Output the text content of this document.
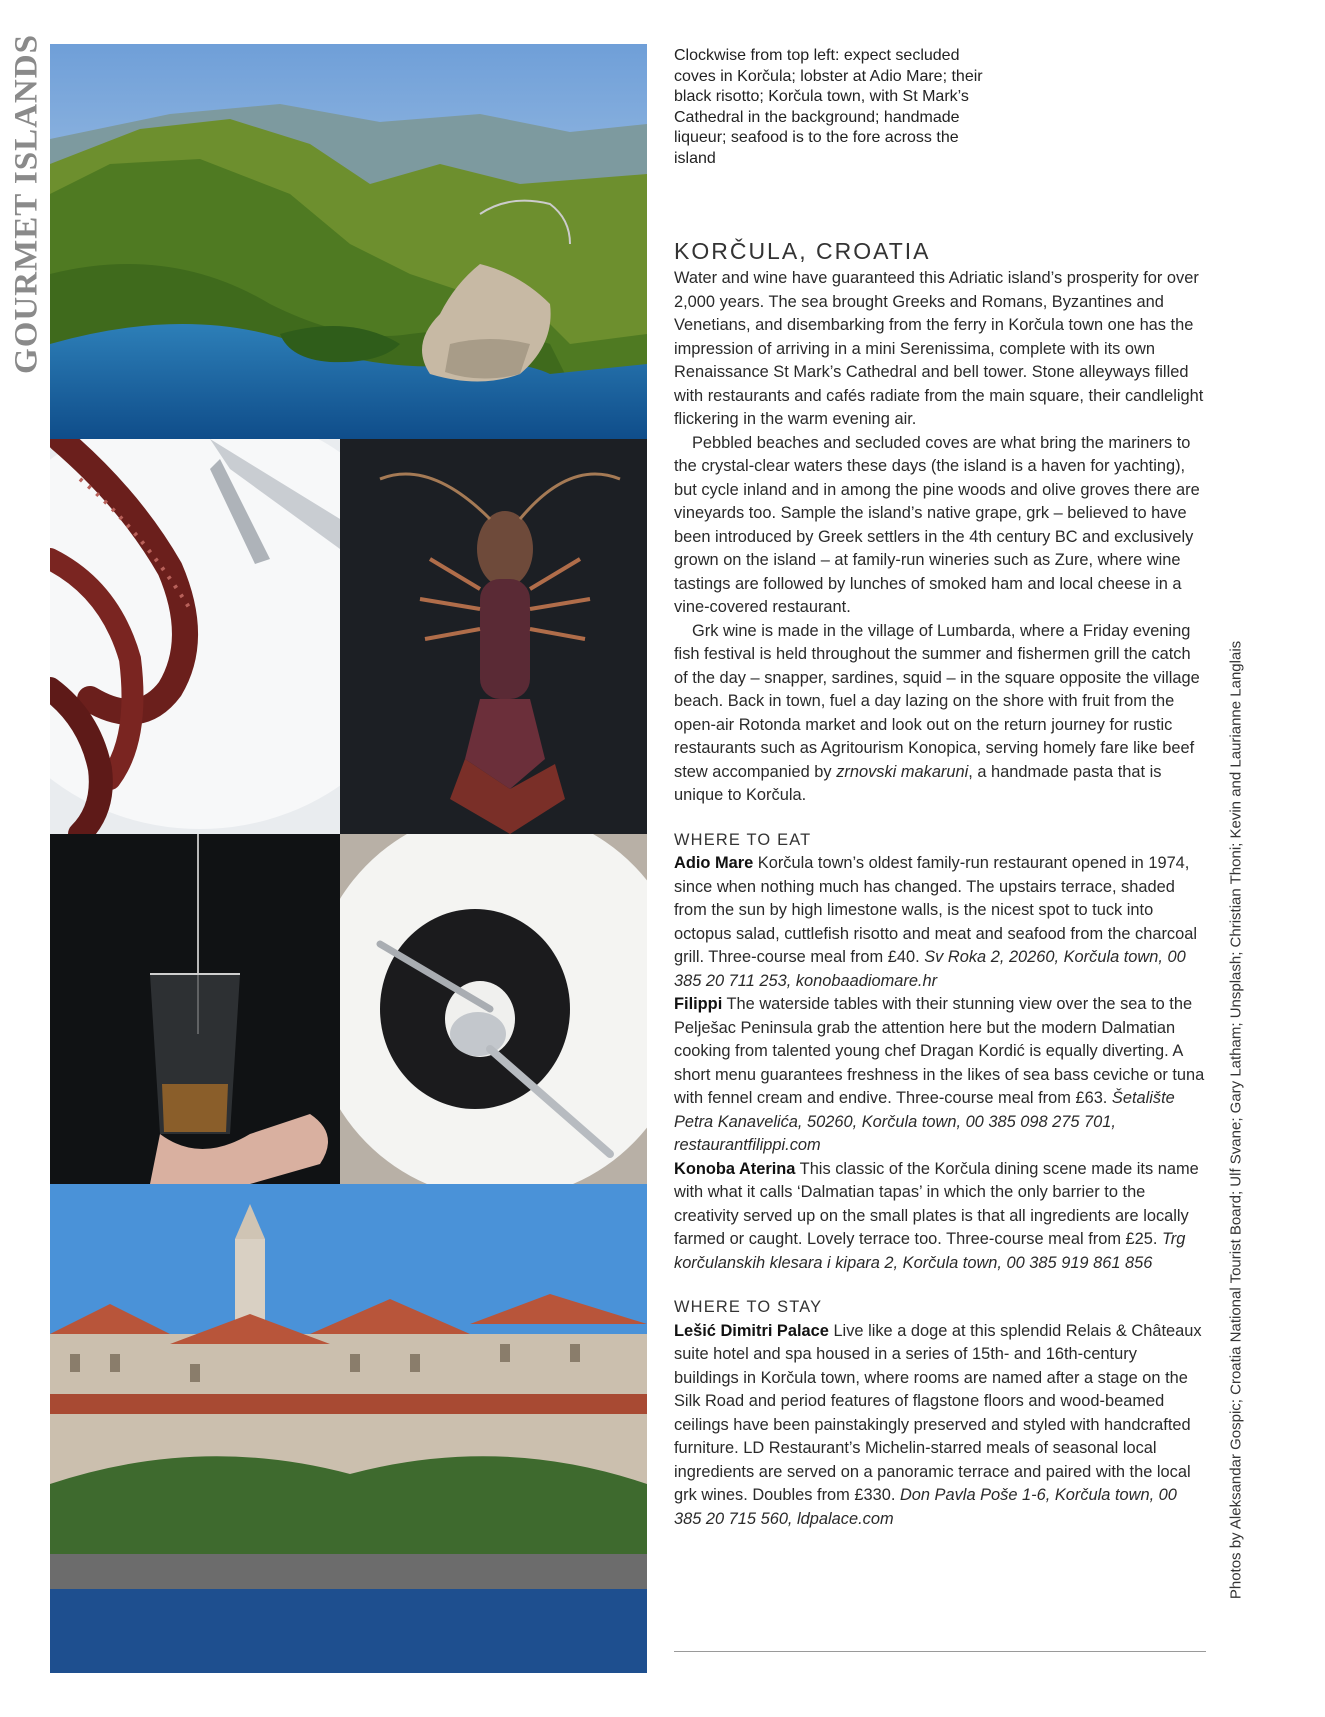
GOURMET ISLANDS	Clockwise from top left: expect secluded coves in Korčula; lobster at Adio Mare; their black risotto; Korčula town, with St Mark’s Cathedral in the background; handmade liqueur; seafood is to the fore across the island
KORČULA, CROATIA

Water and wine have guaranteed this Adriatic island’s prosperity for over 2,000 years. The sea brought Greeks and Romans, Byzantines and Venetians, and disembarking from the ferry in Korčula town one has the impression of arriving in a mini Serenissima, complete with its own Renaissance St Mark’s Cathedral and bell tower. Stone alleyways filled with restaurants and cafés radiate from the main square, their candlelight flickering in the warm evening air.

Pebbled beaches and secluded coves are what bring the mariners to the crystal-clear waters these days (the island is a haven for yachting), but cycle inland and in among the pine woods and olive groves there are vineyards too. Sample the island’s native grape, grk – believed to have been introduced by Greek settlers in the 4th century BC and exclusively grown on the island – at family-run wineries such as Zure, where wine tastings are followed by lunches of smoked ham and local cheese in a vine-covered restaurant.

Grk wine is made in the village of Lumbarda, where a Friday evening fish festival is held throughout the summer and fishermen grill the catch of the day – snapper, sardines, squid – in the square opposite the village beach. Back in town, fuel a day lazing on the shore with fruit from the open-air Rotonda market and look out on the return journey for rustic restaurants such as Agritourism Konopica, serving homely fare like beef stew accompanied by zrnovski makaruni, a handmade pasta that is unique to Korčula.

WHERE TO EAT

Adio Mare Korčula town’s oldest family-run restaurant opened in 1974, since when nothing much has changed. The upstairs terrace, shaded from the sun by high limestone walls, is the nicest spot to tuck into octopus salad, cuttlefish risotto and meat and seafood from the charcoal grill. Three-course meal from £40. Sv Roka 2, 20260, Korčula town, 00 385 20 711 253, konobaadiomare.hr

Filippi The waterside tables with their stunning view over the sea to the Pelješac Peninsula grab the attention here but the modern Dalmatian cooking from talented young chef Dragan Kordić is equally diverting. A short menu guarantees freshness in the likes of sea bass ceviche or tuna with fennel cream and endive. Three-course meal from £63. Šetalište Petra Kanavelića, 50260, Korčula town, 00 385 098 275 701, restaurantfilippi.com

Konoba Aterina This classic of the Korčula dining scene made its name with what it calls ‘Dalmatian tapas’ in which the only barrier to the creativity served up on the small plates is that all ingredients are locally farmed or caught. Lovely terrace too. Three-course meal from £25. Trg korčulanskih klesara i kipara 2, Korčula town, 00 385 919 861 856

WHERE TO STAY

Lešić Dimitri Palace Live like a doge at this splendid Relais & Châteaux suite hotel and spa housed in a series of 15th- and 16th-century buildings in Korčula town, where rooms are named after a stage on the Silk Road and period features of flagstone floors and wood-beamed ceilings have been painstakingly preserved and styled with handcrafted furniture. LD Restaurant’s Michelin-starred meals of seasonal local ingredients are served on a panoramic terrace and paired with the local grk wines. Doubles from £330. Don Pavla Poše 1-6, Korčula town, 00 385 20 715 560, ldpalace.com	Photos by Aleksandar Gospic; Croatia National Tourist Board; Ulf Svane; Gary Latham; Unsplash; Christian Thoni; Kevin and Laurianne Langlais
